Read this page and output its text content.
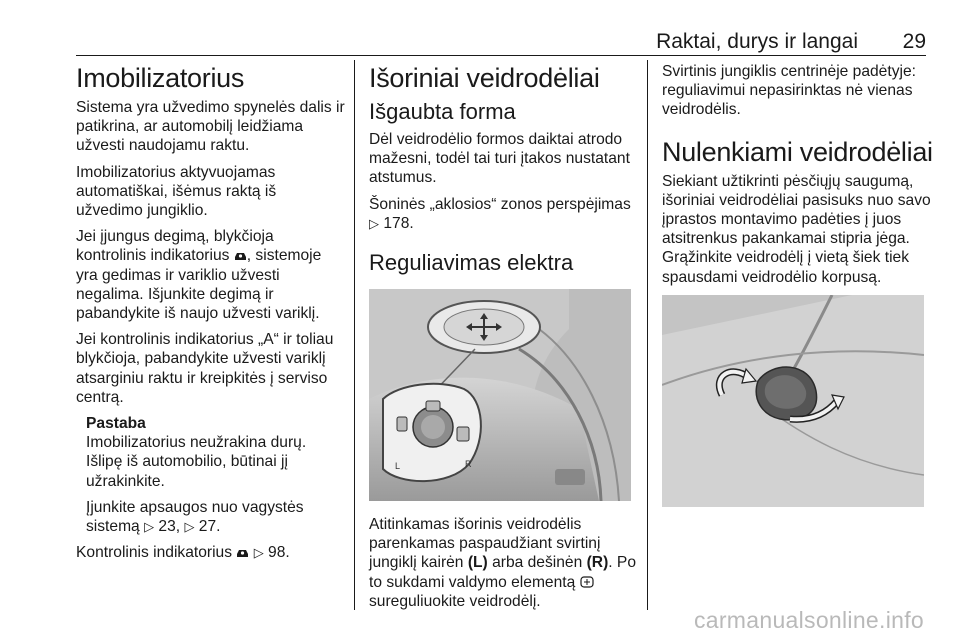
Raktai, durys ir langai 29
Imobilizatorius

Sistema yra užvedimo spynelės dalis ir patikrina, ar automobilį leidžiama užvesti naudojamu raktu.

Imobilizatorius aktyvuojamas automatiškai, išėmus raktą iš užvedimo jungiklio.

Jei įjungus degimą, blykčioja kontrolinis indikatorius , sistemoje yra gedimas ir variklio užvesti negalima. Išjunkite degimą ir pabandykite iš naujo užvesti variklį.

Jei kontrolinis indikatorius „A“ ir toliau blykčioja, pabandykite užvesti variklį atsarginiu raktu ir kreipkitės į serviso centrą.

Pastaba

Imobilizatorius neužrakina durų. Išlipę iš automobilio, būtinai jį užrakinkite.

Įjunkite apsaugos nuo vagystės sistemą ▷ 23, ▷ 27.

Kontrolinis indikatorius ▷ 98.

Išoriniai veidrodėliai
Išgaubta forma

Dėl veidrodėlio formos daiktai atrodo mažesni, todėl tai turi įtakos nustatant atstumus.

Šoninės „aklosios“ zonos perspėjimas ▷ 178.

Reguliavimas elektra
L	R

Atitinkamas išorinis veidrodėlis parenkamas paspaudžiant svirtinį jungiklį kairėn (L) arba dešinėn (R). Po to sukdami valdymo elementą  sureguliuokite veidrodėlį.

Svirtinis jungiklis centrinėje padėtyje: reguliavimui nepasirinktas nė vienas veidrodėlis.

Nulenkiami veidrodėliai

Siekiant užtikrinti pėsčiųjų saugumą, išoriniai veidrodėliai pasisuks nuo savo įprastos montavimo padėties į juos atsitrenkus pakankamai stipria jėga. Grąžinkite veidrodėlį į vietą šiek tiek spausdami veidrodėlio korpusą.

carmanualsonline.info
